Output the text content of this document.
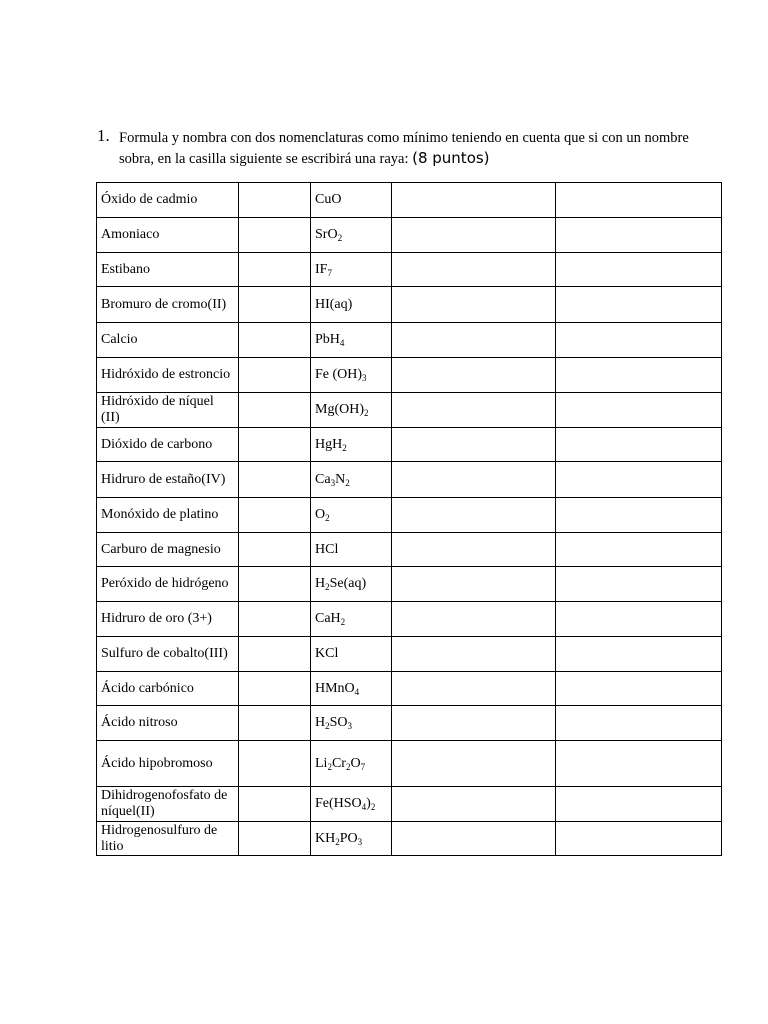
1. Formula y nombra con dos nomenclaturas como mínimo teniendo en cuenta que si con un nombre sobra, en la casilla siguiente se escribirá una raya: (8 puntos)
Óxido de cadmio		CuO		
Amoniaco		SrO$_2$		
Estibano		$IF_7$		
Bromuro de cromo(II)		HI(aq)		
Calcio		PbH$_4$		
Hidróxido de estroncio		Fe $(OH)_3$		
Hidróxido de níquel (II)		$Mg(OH)_2$		
Dióxido de carbono		HgH$_2$		
Hidruro de estaño(IV)		$Ca_3N_2$		
Monóxido de platino		$O_2$		
Carburo de magnesio		HCl		
Peróxido de hidrógeno		$H_2Se(aq)$		
Hidruro de oro (3+)		CaH$_2$		
Sulfuro de cobalto(III)		KCl		
Ácido carbónico		HMnO$_4$		
Ácido nitroso		$H_2SO_3$		
Ácido hipobromoso		$Li_2Cr_2O_7$		
Dihidrogenofosfato de níquel(II)		$Fe(HSO_4)_2$		
Hidrogenosulfuro de litio		$KH_2PO_3$		
